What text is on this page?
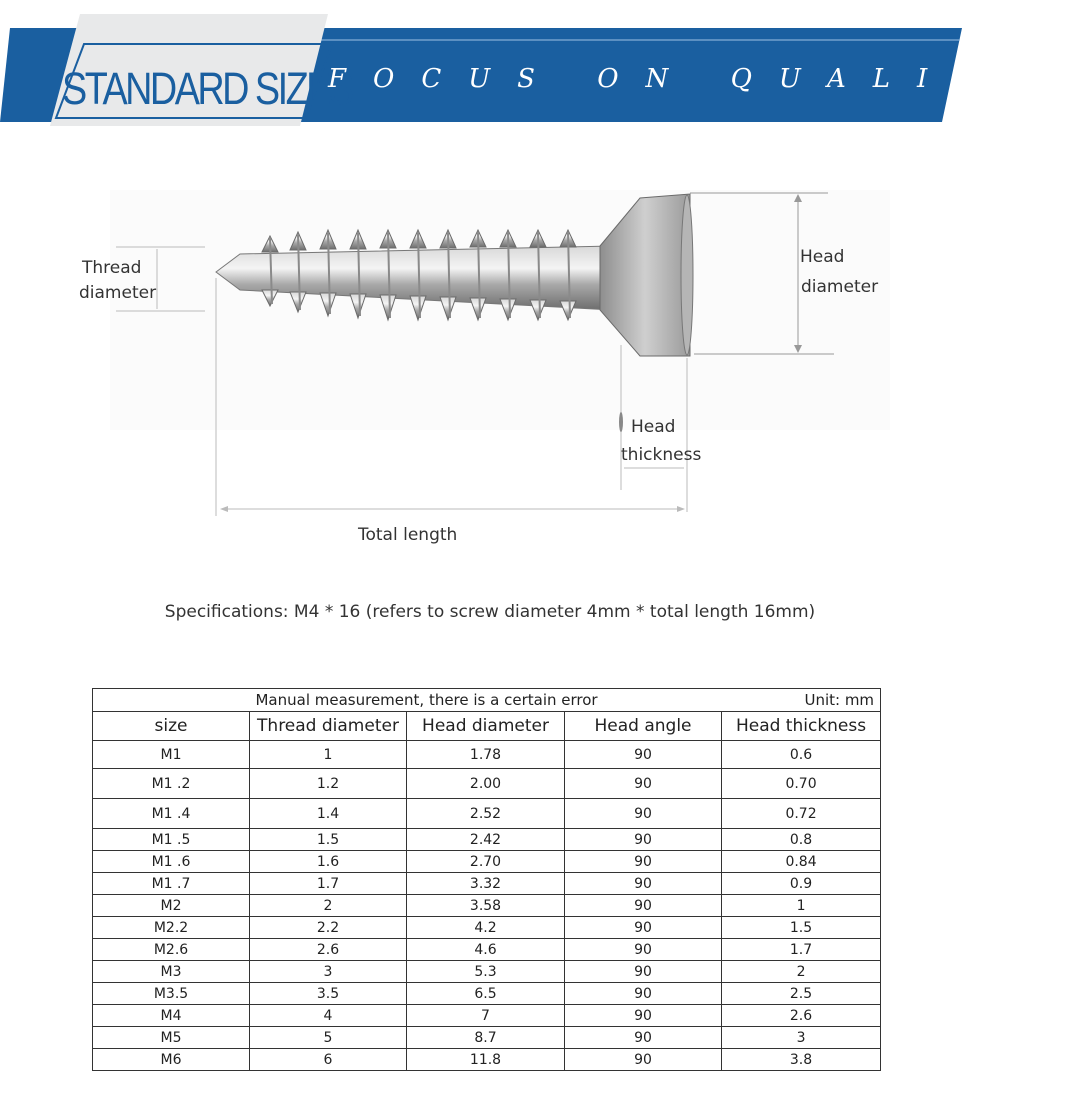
STANDARD SIZES
FOCUS ON QUALITYE
Thread
diameter
Head
diameter
Head
thickness
Total length
Specifications: M4 * 16 (refers to screw diameter 4mm * total length 16mm)
Manual measurement, there is a certain error Unit: mm				

size	Thread diameter	Head diameter	Head angle	Head thickness
M1	1	1.78	90	0.6
M1 .2	1.2	2.00	90	0.70
M1 .4	1.4	2.52	90	0.72
M1 .5	1.5	2.42	90	0.8
M1 .6	1.6	2.70	90	0.84
M1 .7	1.7	3.32	90	0.9
M2	2	3.58	90	1
M2.2	2.2	4.2	90	1.5
M2.6	2.6	4.6	90	1.7
M3	3	5.3	90	2
M3.5	3.5	6.5	90	2.5
M4	4	7	90	2.6
M5	5	8.7	90	3
M6	6	11.8	90	3.8
